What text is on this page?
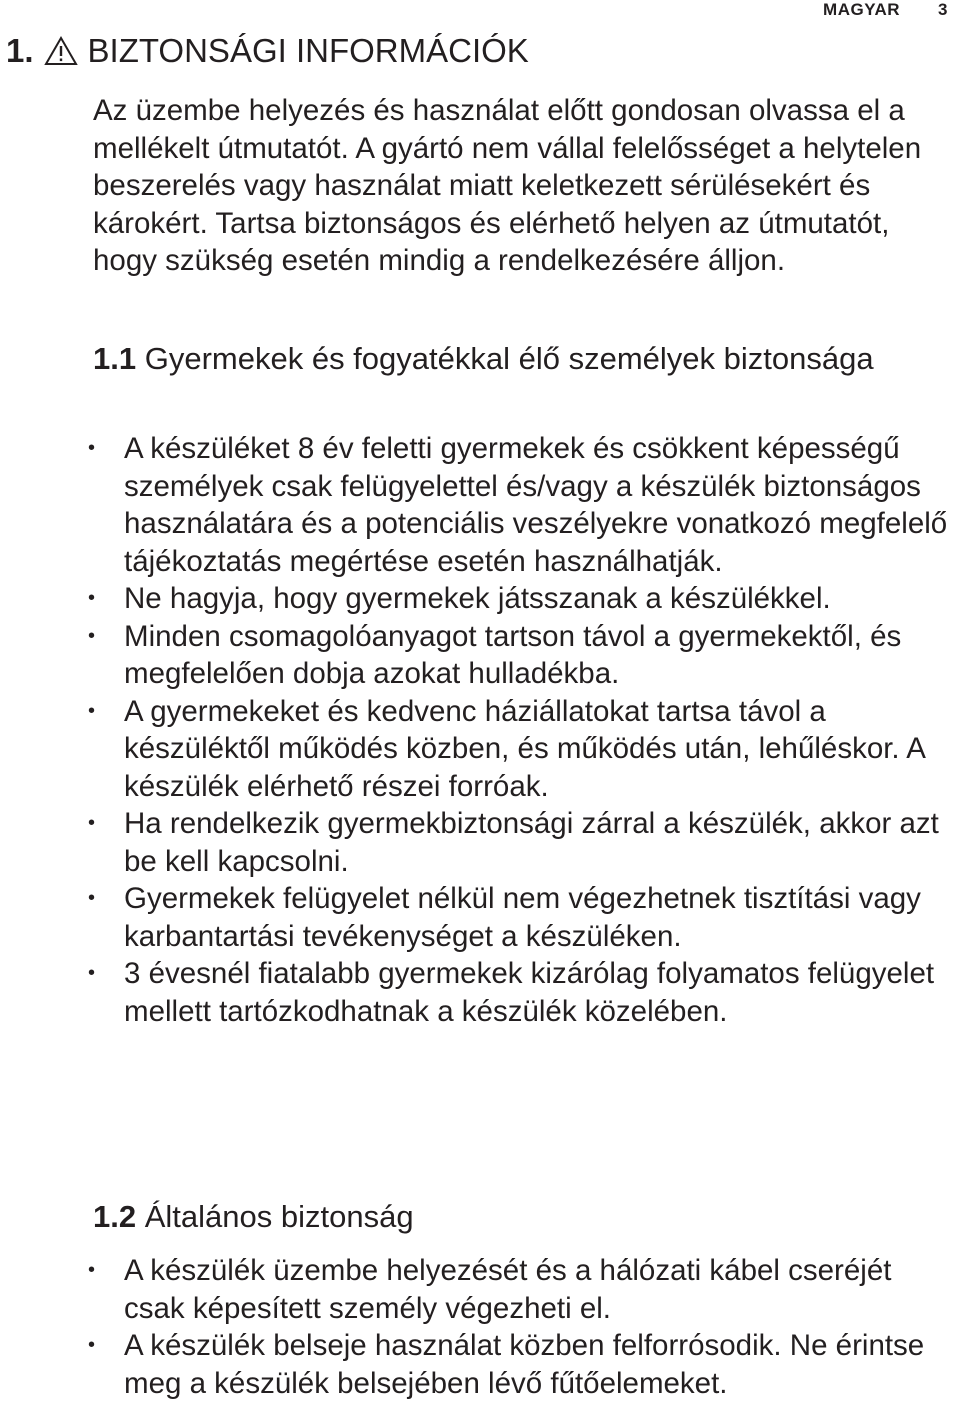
MAGYAR 3
1. BIZTONSÁGI INFORMÁCIÓK
Az üzembe helyezés és használat előtt gondosan olvassa el a mellékelt útmutatót. A gyártó nem vállal felelősséget a helytelen beszerelés vagy használat miatt keletkezett sérülésekért és károkért. Tartsa biztonságos és elérhető helyen az útmutatót, hogy szükség esetén mindig a rendelkezésére álljon.
1.1 Gyermekek és fogyatékkal élő személyek biztonsága
• A készüléket 8 év feletti gyermekek és csökkent képességű személyek csak felügyelettel és/vagy a készülék biztonságos használatára és a potenciális veszélyekre vonatkozó megfelelő tájékoztatás megértése esetén használhatják.
• Ne hagyja, hogy gyermekek játsszanak a készülékkel.
• Minden csomagolóanyagot tartson távol a gyermekektől, és megfelelően dobja azokat hulladékba.
• A gyermekeket és kedvenc háziállatokat tartsa távol a készüléktől működés közben, és működés után, lehűléskor. A készülék elérhető részei forróak.
• Ha rendelkezik gyermekbiztonsági zárral a készülék, akkor azt be kell kapcsolni.
• Gyermekek felügyelet nélkül nem végezhetnek tisztítási vagy karbantartási tevékenységet a készüléken.
• 3 évesnél fiatalabb gyermekek kizárólag folyamatos felügyelet mellett tartózkodhatnak a készülék közelében.
1.2 Általános biztonság
• A készülék üzembe helyezését és a hálózati kábel cseréjét csak képesített személy végezheti el.
• A készülék belseje használat közben felforrósodik. Ne érintse meg a készülék belsejében lévő fűtőelemeket.
